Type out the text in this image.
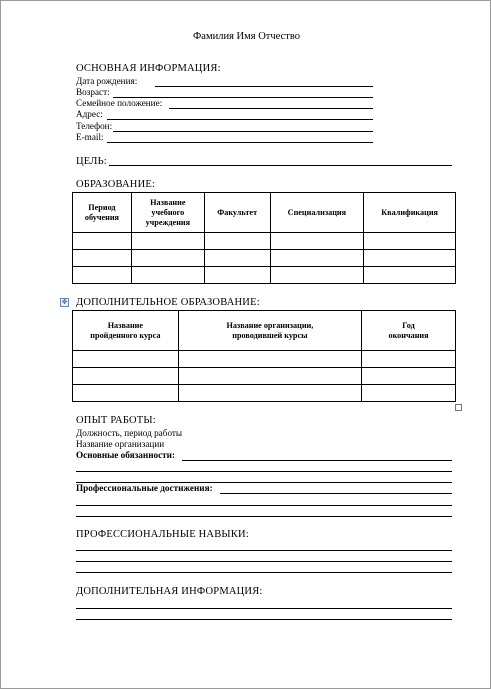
Фамилия Имя Отчество
ОСНОВНАЯ ИНФОРМАЦИЯ:
Дата рождения:
Возраст:
Семейное положение:
Адрес:
Телефон:
E-mail:
ЦЕЛЬ:
ОБРАЗОВАНИЕ:
Период обучения	Название учебного учреждения	Факультет	Специализация	Квалификация

✥ ДОПОЛНИТЕЛЬНОЕ ОБРАЗОВАНИЕ:
Название пройденного курса	Название организации, проводившей курсы	Год окончания

ОПЫТ РАБОТЫ:
Должность, период работы
Название организации
Основные обязанности:
Профессиональные достижения:
ПРОФЕССИОНАЛЬНЫЕ НАВЫКИ:
ДОПОЛНИТЕЛЬНАЯ ИНФОРМАЦИЯ:
